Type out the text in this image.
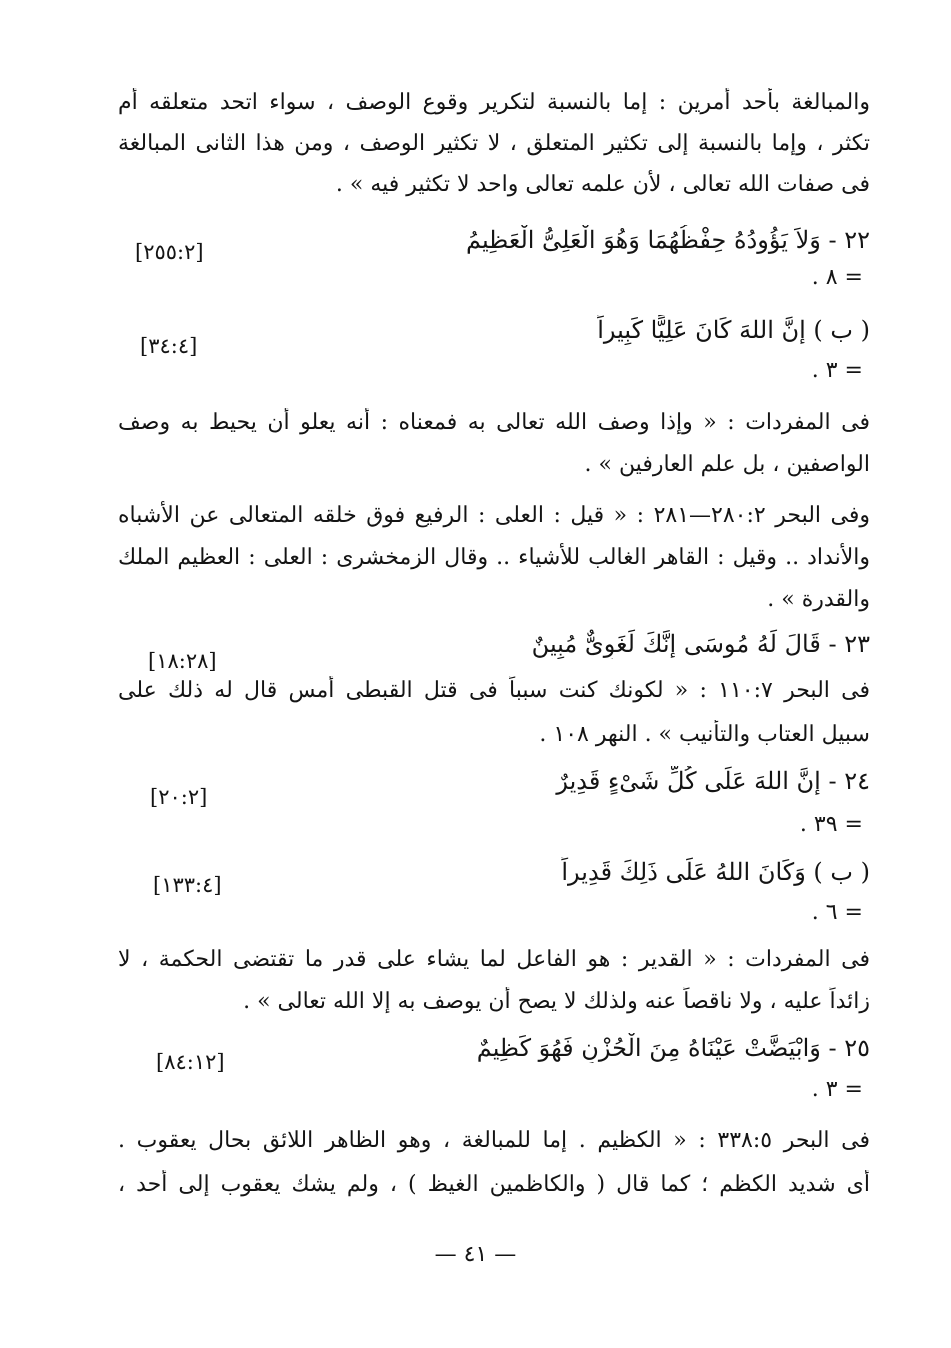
والمبالغة بأحد أمرين : إما بالنسبة لتكرير وقوع الوصف ، سواء اتحد متعلقه أم
تكثر ، وإما بالنسبة إلى تكثير المتعلق ، لا تكثير الوصف ، ومن هذا الثانى المبالغة
فى صفات الله تعالى ، لأن علمه تعالى واحد لا تكثير فيه » .
٢٢ - وَلاَ يَؤُودُهُ حِفْظُهُمَا وَهُوَ الْعَلِىُّ الْعَظِيمُ
[٢٥٥:٢]
= ٨ .
( ب ) إِنَّ اللهَ كَانَ عَلِيًّا كَبِيراً
[٣٤:٤]
= ٣ .
فى المفردات : « وإذا وصف الله تعالى به فمعناه : أنه يعلو أن يحيط به وصف
الواصفين ، بل علم العارفين » .
وفى البحر ٢٨٠:٢—٢٨١ : « قيل : العلى : الرفيع فوق خلقه المتعالى عن الأشباه
والأنداد .. وقيل : القاهر الغالب للأشياء .. وقال الزمخشرى : العلى : العظيم الملك
والقدرة » .
٢٣ - قَالَ لَهُ مُوسَى إِنَّكَ لَغَوِىٌّ مُبِينٌ
[١٨:٢٨]
فى البحر ١١٠:٧ : « لكونك كنت سبباً فى قتل القبطى أمس قال له ذلك على
سبيل العتاب والتأنيب » . النهر ١٠٨ .
٢٤ - إِنَّ اللهَ عَلَى كُلِّ شَىْءٍ قَدِيرٌ
[٢٠:٢]
= ٣٩ .
( ب ) وَكَانَ اللهُ عَلَى ذَلِكَ قَدِيراً
[١٣٣:٤]
= ٦ .
فى المفردات : « القدير : هو الفاعل لما يشاء على قدر ما تقتضى الحكمة ، لا
زائداً عليه ، ولا ناقصاً عنه ولذلك لا يصح أن يوصف به إلا الله تعالى » .
٢٥ - وَابْيَضَّتْ عَيْنَاهُ مِنَ الْحُزْنِ فَهُوَ كَظِيمٌ
[٨٤:١٢]
= ٣ .
فى البحر ٣٣٨:٥ : « الكظيم . إما للمبالغة ، وهو الظاهر اللائق بحال يعقوب .
أى شديد الكظم ؛ كما قال ( والكاظمين الغيظ ) ، ولم يشك يعقوب إلى أحد ،
— ٤١ —
